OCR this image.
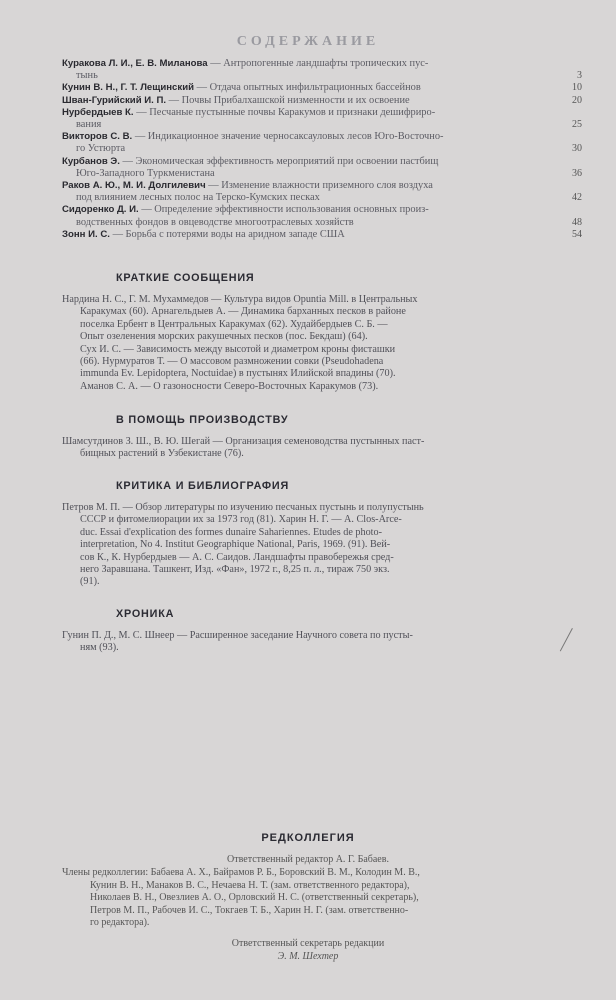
СОДЕРЖАНИЕ
Куракова Л. И., Е. В. Миланова — Антропогенные ландшафты тропических пус-
тынь	3
Кунин В. Н., Г. Т. Лещинский — Отдача опытных инфильтрационных бассейнов	10
Шван-Гурийский И. П. — Почвы Прибалхашской низменности и их освоение	20
Нурбердыев К. — Песчаные пустынные почвы Каракумов и признаки дешифриро-
вания	25
Викторов С. В. — Индикационное значение черносаксауловых лесов Юго-Восточно-
го Устюрта	30
Курбанов Э. — Экономическая эффективность мероприятий при освоении пастбищ
Юго-Западного Туркменистана	36
Раков А. Ю., М. И. Долгилевич — Изменение влажности приземного слоя воздуха
под влиянием лесных полос на Терско-Кумских песках	42
Сидоренко Д. И. — Определение эффективности использования основных произ-
водственных фондов в овцеводстве многоотраслевых хозяйств	48
Зонн И. С. — Борьба с потерями воды на аридном западе США	54
КРАТКИЕ СООБЩЕНИЯ
Нардина Н. С., Г. М. Мухаммедов — Культура видов Opuntia Mill. в Центральных
Каракумах (60). Арнагельдыев А. — Динамика барханных песков в районе
поселка Ербент в Центральных Каракумах (62). Худайбердыев С. Б. —
Опыт озеленения морских ракушечных песков (пос. Бекдаш) (64).
Сух И. С. — Зависимость между высотой и диаметром кроны фисташки
(66). Нурмуратов Т. — О массовом размножении совки (Pseudohadena
immunda Ev. Lepidoptera, Noctuidae) в пустынях Илийской впадины (70).
Аманов С. А. — О газоносности Северо-Восточных Каракумов (73).
В ПОМОЩЬ ПРОИЗВОДСТВУ
Шамсутдинов З. Ш., В. Ю. Шегай — Организация семеноводства пустынных паст-
бищных растений в Узбекистане (76).
КРИТИКА И БИБЛИОГРАФИЯ
Петров М. П. — Обзор литературы по изучению песчаных пустынь и полупустынь
СССР и фитомелиорации их за 1973 год (81). Харин Н. Г. — A. Clos-Arce-
duc. Essai d'explication des formes dunaire Sahariennes. Etudes de photo-
interpretation, No 4. Institut Geographique National, Paris, 1969. (91). Вей-
сов К., К. Нурбердыев — А. С. Саидов. Ландшафты правобережья сред-
него Заравшана. Ташкент, Изд. «Фан», 1972 г., 8,25 п. л., тираж 750 экз.
(91).
ХРОНИКА
Гунин П. Д., М. С. Шнеер — Расширенное заседание Научного совета по пусты-
ням (93).
РЕДКОЛЛЕГИЯ
Ответственный редактор А. Г. Бабаев.
Члены редколлегии: Бабаева А. Х., Байрамов Р. Б., Боровский В. М., Колодин М. В.,
Кунин В. Н., Манаков В. С., Нечаева Н. Т. (зам. ответственного редактора),
Николаев В. Н., Овезлиев А. О., Орловский Н. С. (ответственный секретарь),
Петров М. П., Рабочев И. С., Токгаев Т. Б., Харин Н. Г. (зам. ответственно-
го редактора).
Ответственный секретарь редакции
Э. М. Шехтер
